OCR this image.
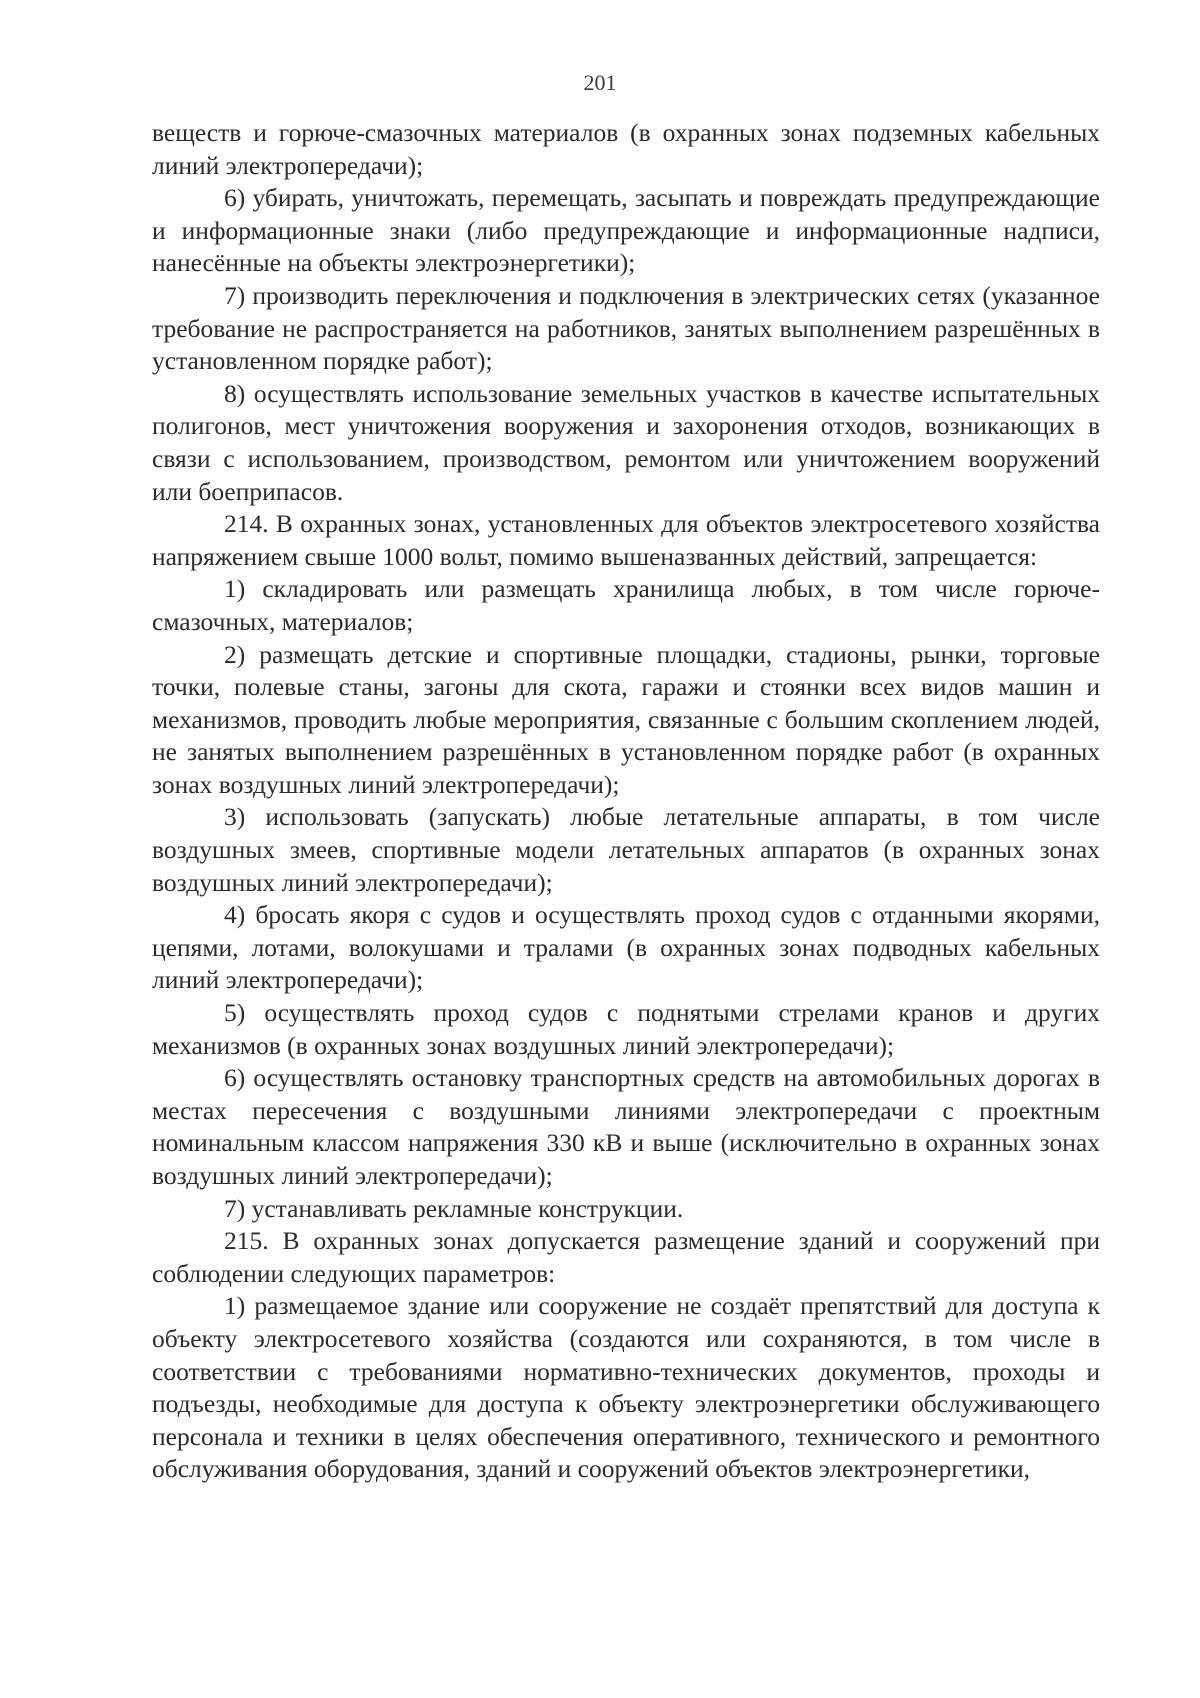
201

веществ и горюче-смазочных материалов (в охранных зонах подземных кабельных линий электропередачи);

6) убирать, уничтожать, перемещать, засыпать и повреждать предупреждающие и информационные знаки (либо предупреждающие и информационные надписи, нанесённые на объекты электроэнергетики);

7) производить переключения и подключения в электрических сетях (указанное требование не распространяется на работников, занятых выполнением разрешённых в установленном порядке работ);

8) осуществлять использование земельных участков в качестве испытательных полигонов, мест уничтожения вооружения и захоронения отходов, возникающих в связи с использованием, производством, ремонтом или уничтожением вооружений или боеприпасов.

214. В охранных зонах, установленных для объектов электросетевого хозяйства напряжением свыше 1000 вольт, помимо вышеназванных действий, запрещается:

1) складировать или размещать хранилища любых, в том числе горюче-смазочных, материалов;

2) размещать детские и спортивные площадки, стадионы, рынки, торговые точки, полевые станы, загоны для скота, гаражи и стоянки всех видов машин и механизмов, проводить любые мероприятия, связанные с большим скоплением людей, не занятых выполнением разрешённых в установленном порядке работ (в охранных зонах воздушных линий электропередачи);

3) использовать (запускать) любые летательные аппараты, в том числе воздушных змеев, спортивные модели летательных аппаратов (в охранных зонах воздушных линий электропередачи);

4) бросать якоря с судов и осуществлять проход судов с отданными якорями, цепями, лотами, волокушами и тралами (в охранных зонах подводных кабельных линий электропередачи);

5) осуществлять проход судов с поднятыми стрелами кранов и других механизмов (в охранных зонах воздушных линий электропередачи);

6) осуществлять остановку транспортных средств на автомобильных дорогах в местах пересечения с воздушными линиями электропередачи с проектным номинальным классом напряжения 330 кВ и выше (исключительно в охранных зонах воздушных линий электропередачи);

7) устанавливать рекламные конструкции.

215. В охранных зонах допускается размещение зданий и сооружений при соблюдении следующих параметров:

1) размещаемое здание или сооружение не создаёт препятствий для доступа к объекту электросетевого хозяйства (создаются или сохраняются, в том числе в соответствии с требованиями нормативно-технических документов, проходы и подъезды, необходимые для доступа к объекту электроэнергетики обслуживающего персонала и техники в целях обеспечения оперативного, технического и ремонтного обслуживания оборудования, зданий и сооружений объектов электроэнергетики,
